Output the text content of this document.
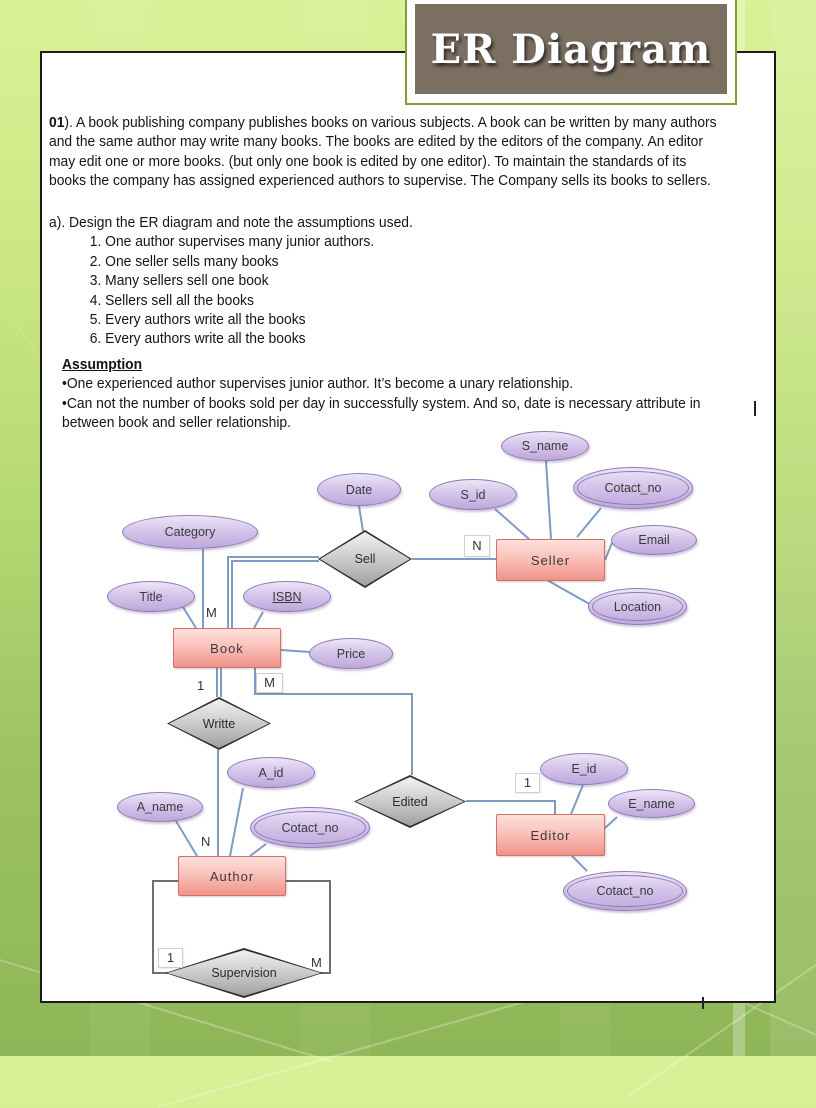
ER Diagram
01). A book publishing company publishes books on various subjects. A book can be written by many authors
and the same author may write many books. The books are edited by the editors of the company. An editor
may edit one or more books. (but only one book is edited by one editor). To maintain the standards of its
books the company has assigned experienced authors to supervise. The Company sells its books to sellers.
a). Design the ER diagram and note the assumptions used.
1. One author supervises many junior authors.
2. One seller sells many books
3. Many sellers sell one book
4. Sellers sell all the books
5. Every authors write all the books
6. Every authors write all the books
Assumption
•One experienced author supervises junior author. It’s become a unary relationship.
•Can not the number of books sold per day in successfully system. And so, date is necessary attribute in
between book and seller relationship.
Book
Seller
Author
Editor
Sell
Writte
Edited
Supervision
Date
S_name
S_id	Cotact_no
Email
Location
Category
Title	ISBN
Price
A_id
A_name
Cotact_no
E_id
E_name
Cotact_no
N
M
1	M
N
1
1	M
